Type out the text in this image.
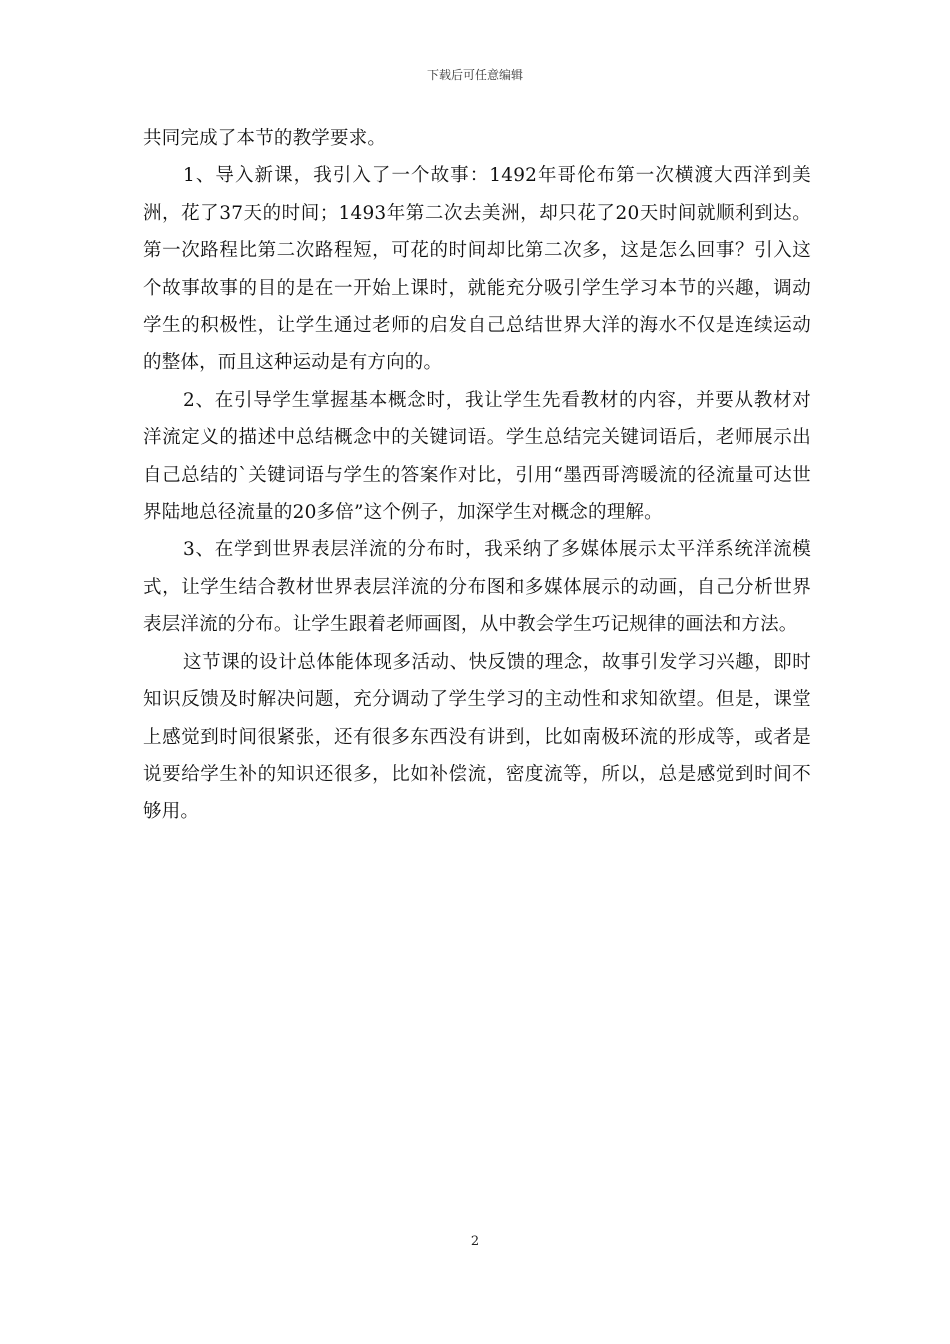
下载后可任意编辑

共同完成了本节的教学要求。

1、导入新课，我引入了一个故事：1492年哥伦布第一次横渡大西洋到美洲，花了37天的时间；1493年第二次去美洲，却只花了20天时间就顺利到达。第一次路程比第二次路程短，可花的时间却比第二次多，这是怎么回事？引入这个故事故事的目的是在一开始上课时，就能充分吸引学生学习本节的兴趣，调动学生的积极性，让学生通过老师的启发自己总结世界大洋的海水不仅是连续运动的整体，而且这种运动是有方向的。

2、在引导学生掌握基本概念时，我让学生先看教材的内容，并要从教材对洋流定义的描述中总结概念中的关键词语。学生总结完关键词语后，老师展示出自己总结的`关键词语与学生的答案作对比，引用“墨西哥湾暖流的径流量可达世界陆地总径流量的20多倍”这个例子，加深学生对概念的理解。

3、在学到世界表层洋流的分布时，我采纳了多媒体展示太平洋系统洋流模式，让学生结合教材世界表层洋流的分布图和多媒体展示的动画，自己分析世界表层洋流的分布。让学生跟着老师画图，从中教会学生巧记规律的画法和方法。

这节课的设计总体能体现多活动、快反馈的理念，故事引发学习兴趣，即时知识反馈及时解决问题，充分调动了学生学习的主动性和求知欲望。但是，课堂上感觉到时间很紧张，还有很多东西没有讲到，比如南极环流的形成等，或者是说要给学生补的知识还很多，比如补偿流，密度流等，所以，总是感觉到时间不够用。

2
